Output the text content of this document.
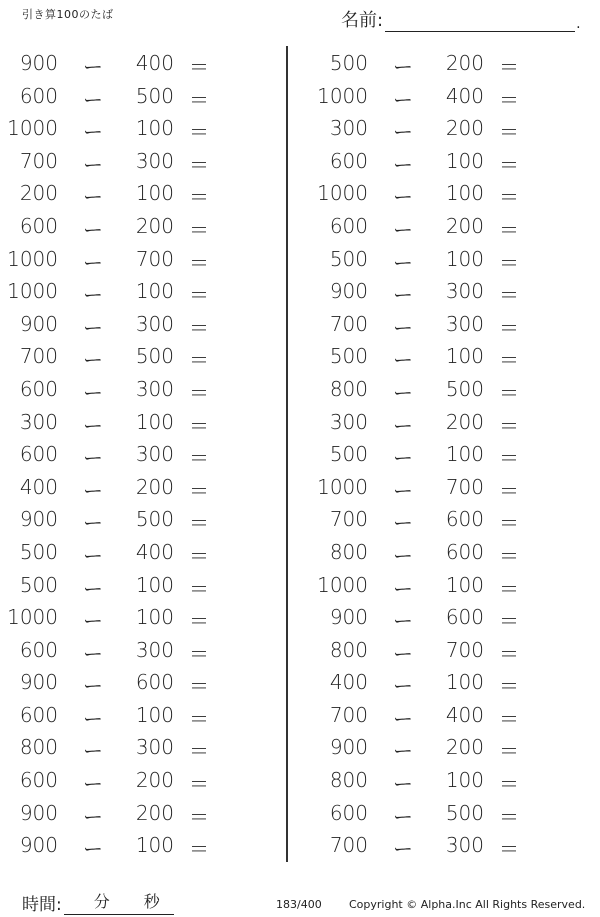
引き算100のたば	名前:	.
900 ー 400 ＝
600 ー 500 ＝
1000 ー 100 ＝
700 ー 300 ＝
200 ー 100 ＝
600 ー 200 ＝
1000 ー 700 ＝
1000 ー 100 ＝
900 ー 300 ＝
700 ー 500 ＝
600 ー 300 ＝
300 ー 100 ＝
600 ー 300 ＝
400 ー 200 ＝
900 ー 500 ＝
500 ー 400 ＝
500 ー 100 ＝
1000 ー 100 ＝
600 ー 300 ＝
900 ー 600 ＝
600 ー 100 ＝
800 ー 300 ＝
600 ー 200 ＝
900 ー 200 ＝
900 ー 100 ＝
500 ー 200 ＝
1000 ー 400 ＝
300 ー 200 ＝
600 ー 100 ＝
1000 ー 100 ＝
600 ー 200 ＝
500 ー 100 ＝
900 ー 300 ＝
700 ー 300 ＝
500 ー 100 ＝
800 ー 500 ＝
300 ー 200 ＝
500 ー 100 ＝
1000 ー 700 ＝
700 ー 600 ＝
800 ー 600 ＝
1000 ー 100 ＝
900 ー 600 ＝
800 ー 700 ＝
400 ー 100 ＝
700 ー 400 ＝
900 ー 200 ＝
800 ー 100 ＝
600 ー 500 ＝
700 ー 300 ＝
時間: 分 秒	183/400 Copyright © Alpha.Inc All Rights Reserved.
